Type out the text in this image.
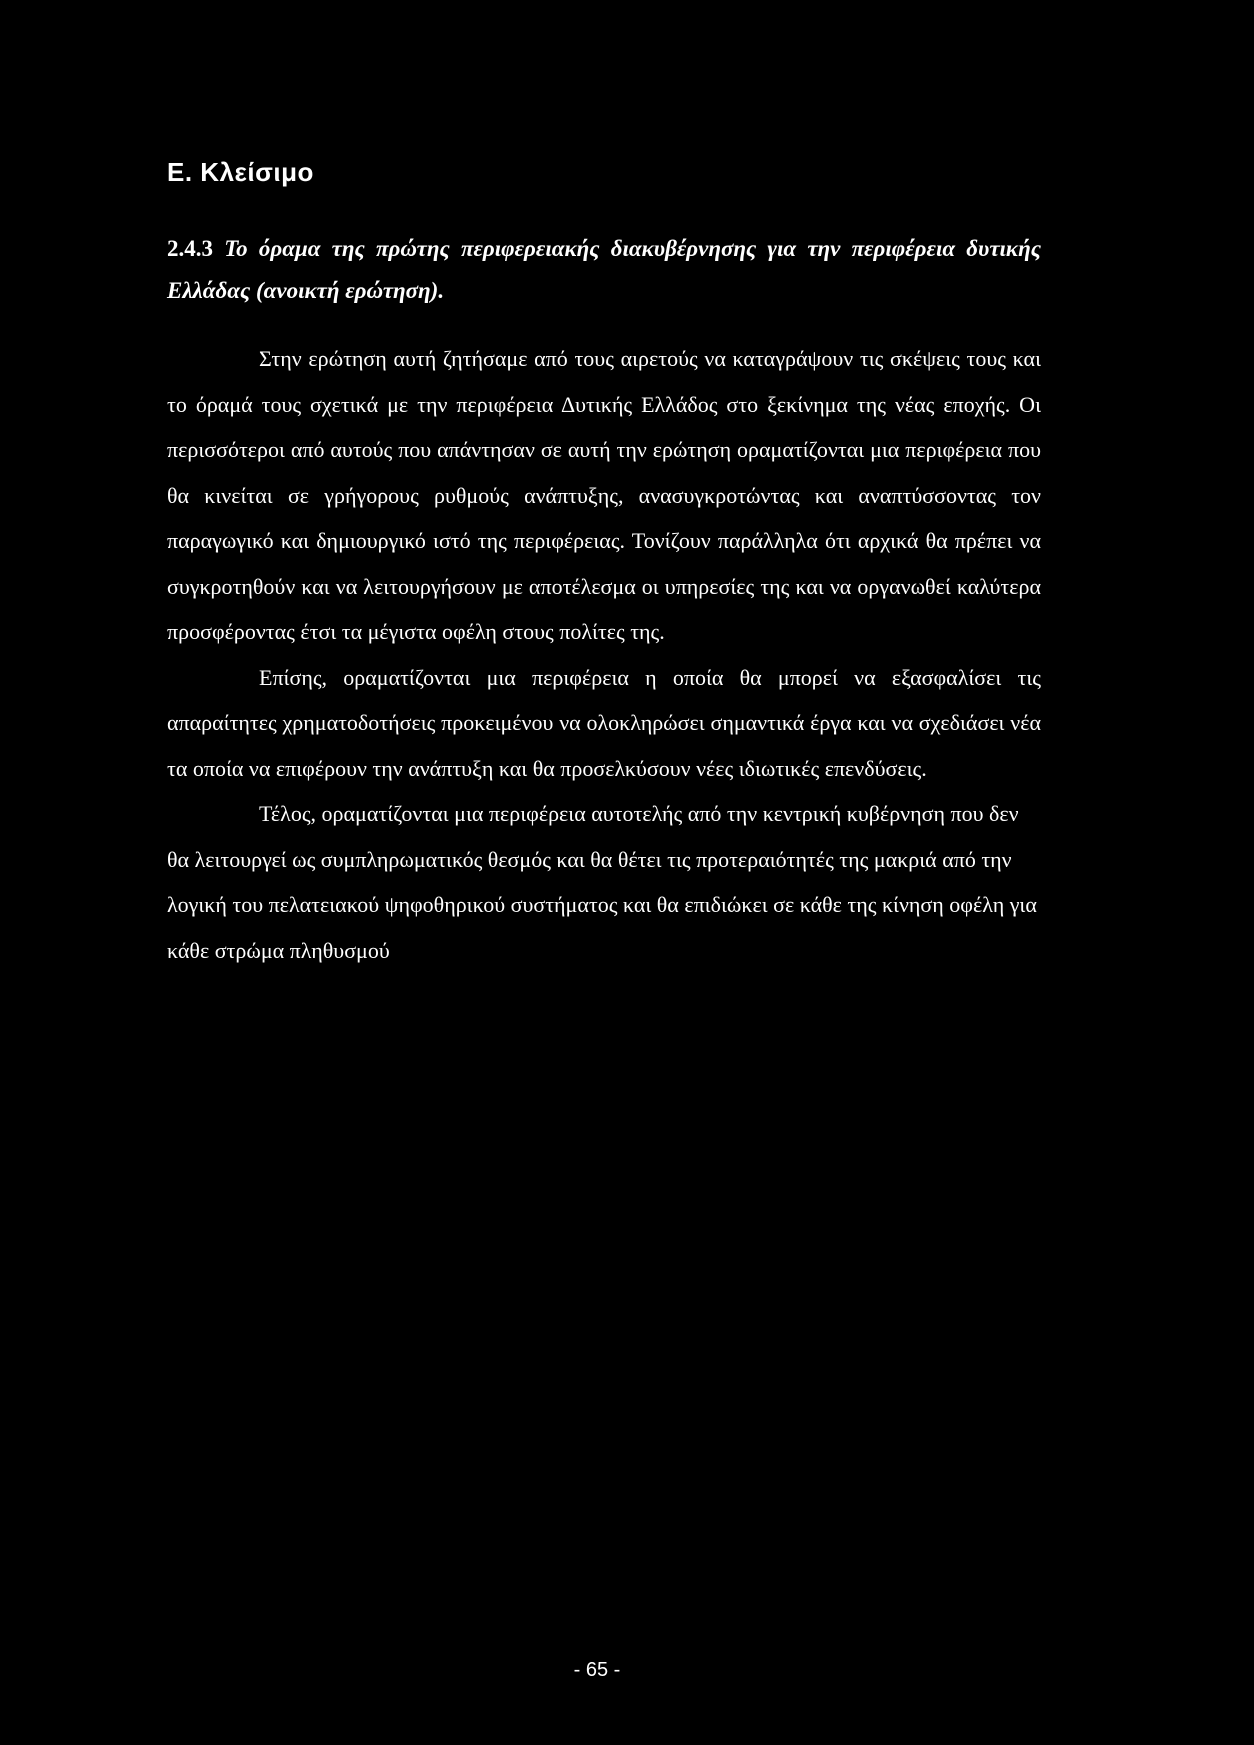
Ε. Κλείσιμο
2.4.3 Το όραμα της πρώτης περιφερειακής διακυβέρνησης για την περιφέρεια δυτικής Ελλάδας (ανοικτή ερώτηση).

Στην ερώτηση αυτή ζητήσαμε από τους αιρετούς να καταγράψουν τις σκέψεις τους και το όραμά τους σχετικά με την περιφέρεια Δυτικής Ελλάδος στο ξεκίνημα της νέας εποχής. Οι περισσότεροι από αυτούς που απάντησαν σε αυτή την ερώτηση οραματίζονται μια περιφέρεια που θα κινείται σε γρήγορους ρυθμούς ανάπτυξης, ανασυγκροτώντας και αναπτύσσοντας τον παραγωγικό και δημιουργικό ιστό της περιφέρειας. Τονίζουν παράλληλα ότι αρχικά θα πρέπει να συγκροτηθούν και να λειτουργήσουν με αποτέλεσμα οι υπηρεσίες της και να οργανωθεί καλύτερα προσφέροντας έτσι τα μέγιστα οφέλη στους πολίτες της.

Επίσης, οραματίζονται μια περιφέρεια η οποία θα μπορεί να εξασφαλίσει τις απαραίτητες χρηματοδοτήσεις προκειμένου να ολοκληρώσει σημαντικά έργα και να σχεδιάσει νέα τα οποία να επιφέρουν την ανάπτυξη και θα προσελκύσουν νέες ιδιωτικές επενδύσεις.

Τέλος, οραματίζονται μια περιφέρεια αυτοτελής από την κεντρική κυβέρνηση που δεν θα λειτουργεί ως συμπληρωματικός θεσμός και θα θέτει τις προτεραιότητές της μακριά από την λογική του πελατειακού ψηφοθηρικού συστήματος και θα επιδιώκει σε κάθε της κίνηση οφέλη για κάθε στρώμα πληθυσμού

- 65 -
